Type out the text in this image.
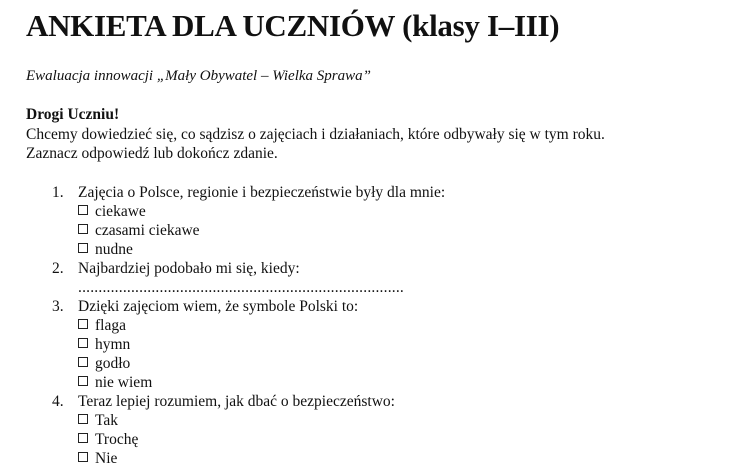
ANKIETA DLA UCZNIÓW (klasy I–III)
Ewaluacja innowacji „Mały Obywatel – Wielka Sprawa”
Drogi Uczniu!
Chcemy dowiedzieć się, co sądzisz o zajęciach i działaniach, które odbywały się w tym roku.
Zaznacz odpowiedź lub dokończ zdanie.
1. Zajęcia o Polsce, regionie i bezpieczeństwie były dla mnie:
ciekawe
czasami ciekawe
nudne
2. Najbardziej podobało mi się, kiedy:
................................................................................
3. Dzięki zajęciom wiem, że symbole Polski to:
flaga
hymn
godło
nie wiem
4. Teraz lepiej rozumiem, jak dbać o bezpieczeństwo:
Tak
Trochę
Nie
